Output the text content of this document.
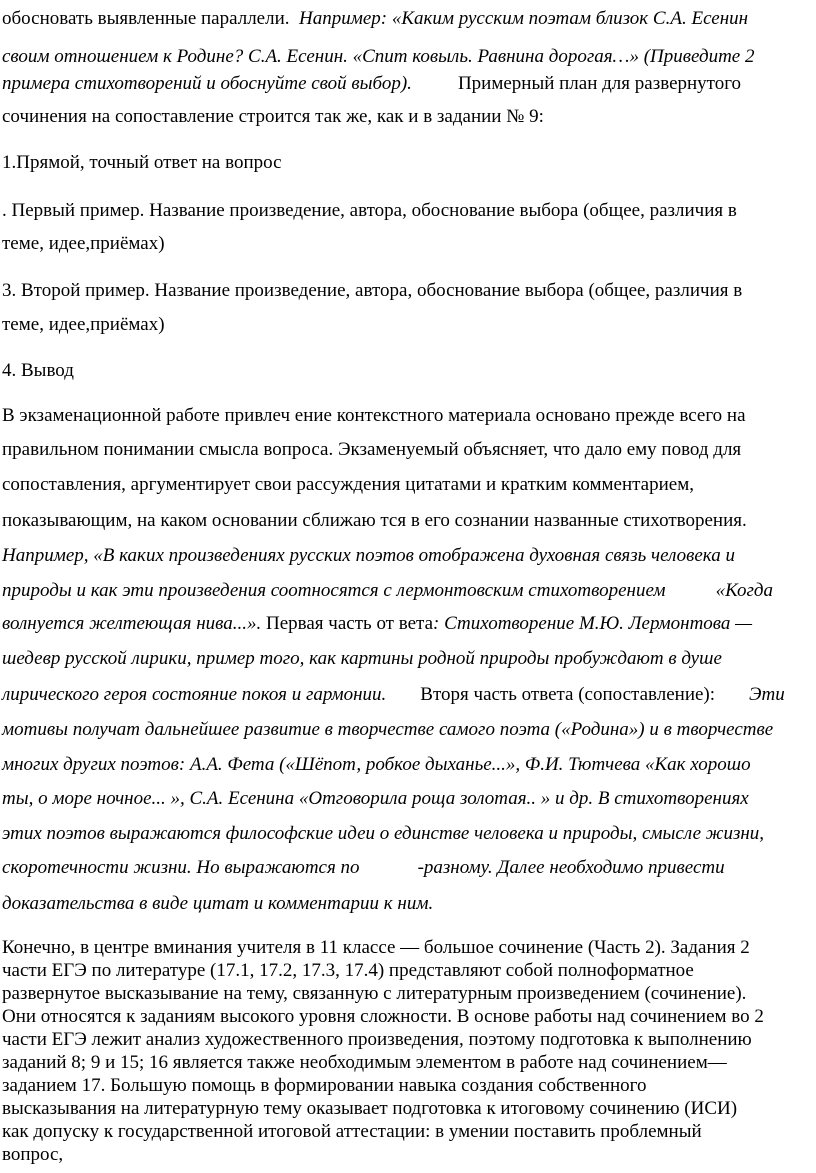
обосновать выявленные параллели. Например: «Каким русским поэтам близок С.А. Есенин
своим отношением к Родине? С.А. Есенин. «Спит ковыль. Равнина дорогая…» (Приведите 2
примера стихотворений и обоснуйте свой выбор). Примерный план для развернутого
сочинения на сопоставление строится так же, как и в задании № 9:
1.Прямой, точный ответ на вопрос
. Первый пример. Название произведение, автора, обоснование выбора (общее, различия в
теме, идее,приёмах)
3. Второй пример. Название произведение, автора, обоснование выбора (общее, различия в
теме, идее,приёмах)
4. Вывод
В экзаменационной работе привлеч ение контекстного материала основано прежде всего на
правильном понимании смысла вопроса. Экзаменуемый объясняет, что дало ему повод для
сопоставления, аргументирует свои рассуждения цитатами и кратким комментарием,
показывающим, на каком основании сближаю тся в его сознании названные стихотворения.
Например, «В каких произведениях русских поэтов отображена духовная связь человека и
природы и как эти произведения соотносятся с лермонтовским стихотворением	«Когда
волнуется желтеющая нива...». Первая часть от вета: Стихотворение М.Ю. Лермонтова —
шедевр русской лирики, пример того, как картины родной природы пробуждают в душе
лирического героя состояние покоя и гармонии. Вторя часть ответа (сопоставление): Эти
мотивы получат дальнейшее развитие в творчестве самого поэта («Родина») и в творчестве
многих других поэтов: А.А. Фета («Шёпот, робкое дыханье...», Ф.И. Тютчева «Как хорошо
ты, о море ночное... », С.А. Есенина «Отговорила роща золотая.. » и др. В стихотворениях
этих поэтов выражаются философские идеи о единстве человека и природы, смысле жизни,
скоротечности жизни. Но выражаются по	-разному. Далее необходимо привести
доказательства в виде цитат и комментарии к ним.
Конечно, в центре вминания учителя в 11 классе — большое сочинение (Часть 2). Задания 2
части ЕГЭ по литературе (17.1, 17.2, 17.3, 17.4) представляют собой полноформатное
развернутое высказывание на тему, связанную с литературным произведением (сочинение).
Они относятся к заданиям высокого уровня сложности. В основе работы над сочинением во 2
части ЕГЭ лежит анализ художественного произведения, поэтому подготовка к выполнению
заданий 8; 9 и 15; 16 является также необходимым элементом в работе над сочинением—
заданием 17. Большую помощь в формировании навыка создания собственного
высказывания на литературную тему оказывает подготовка к итоговому сочинению (ИСИ)
как допуску к государственной итоговой аттестации: в умении поставить проблемный
вопрос,
